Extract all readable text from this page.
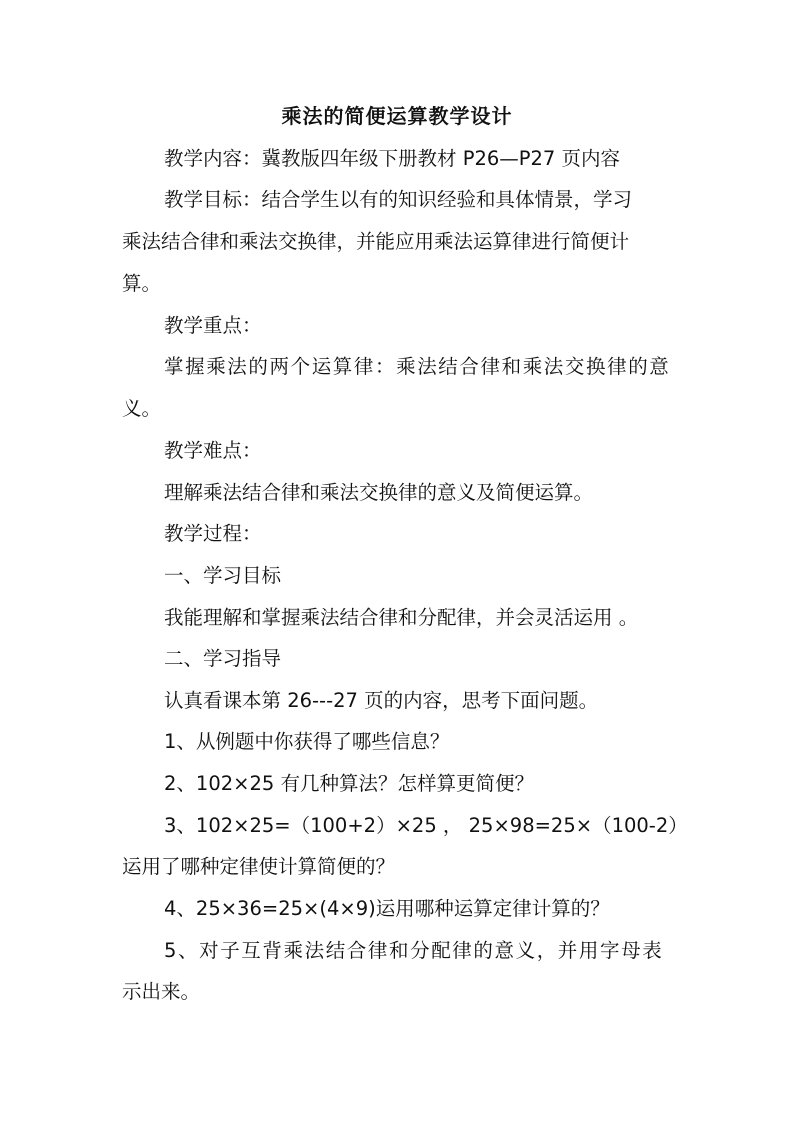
乘法的简便运算教学设计
教学内容：冀教版四年级下册教材 P26—P27 页内容
教学目标：结合学生以有的知识经验和具体情景，学习
乘法结合律和乘法交换律，并能应用乘法运算律进行简便计
算。
教学重点：
掌握乘法的两个运算律：乘法结合律和乘法交换律的意
义。
教学难点：
理解乘法结合律和乘法交换律的意义及简便运算。
教学过程：
一、学习目标
我能理解和掌握乘法结合律和分配律，并会灵活运用 。
二、学习指导
认真看课本第 26---27 页的内容，思考下面问题。
1、从例题中你获得了哪些信息？
2、102×25 有几种算法？怎样算更简便？
3、102×25=（100+2）×25 ， 25×98=25×（100-2）
运用了哪种定律使计算简便的？
4、25×36=25×(4×9)运用哪种运算定律计算的？
5、对子互背乘法结合律和分配律的意义，并用字母表
示出来。
